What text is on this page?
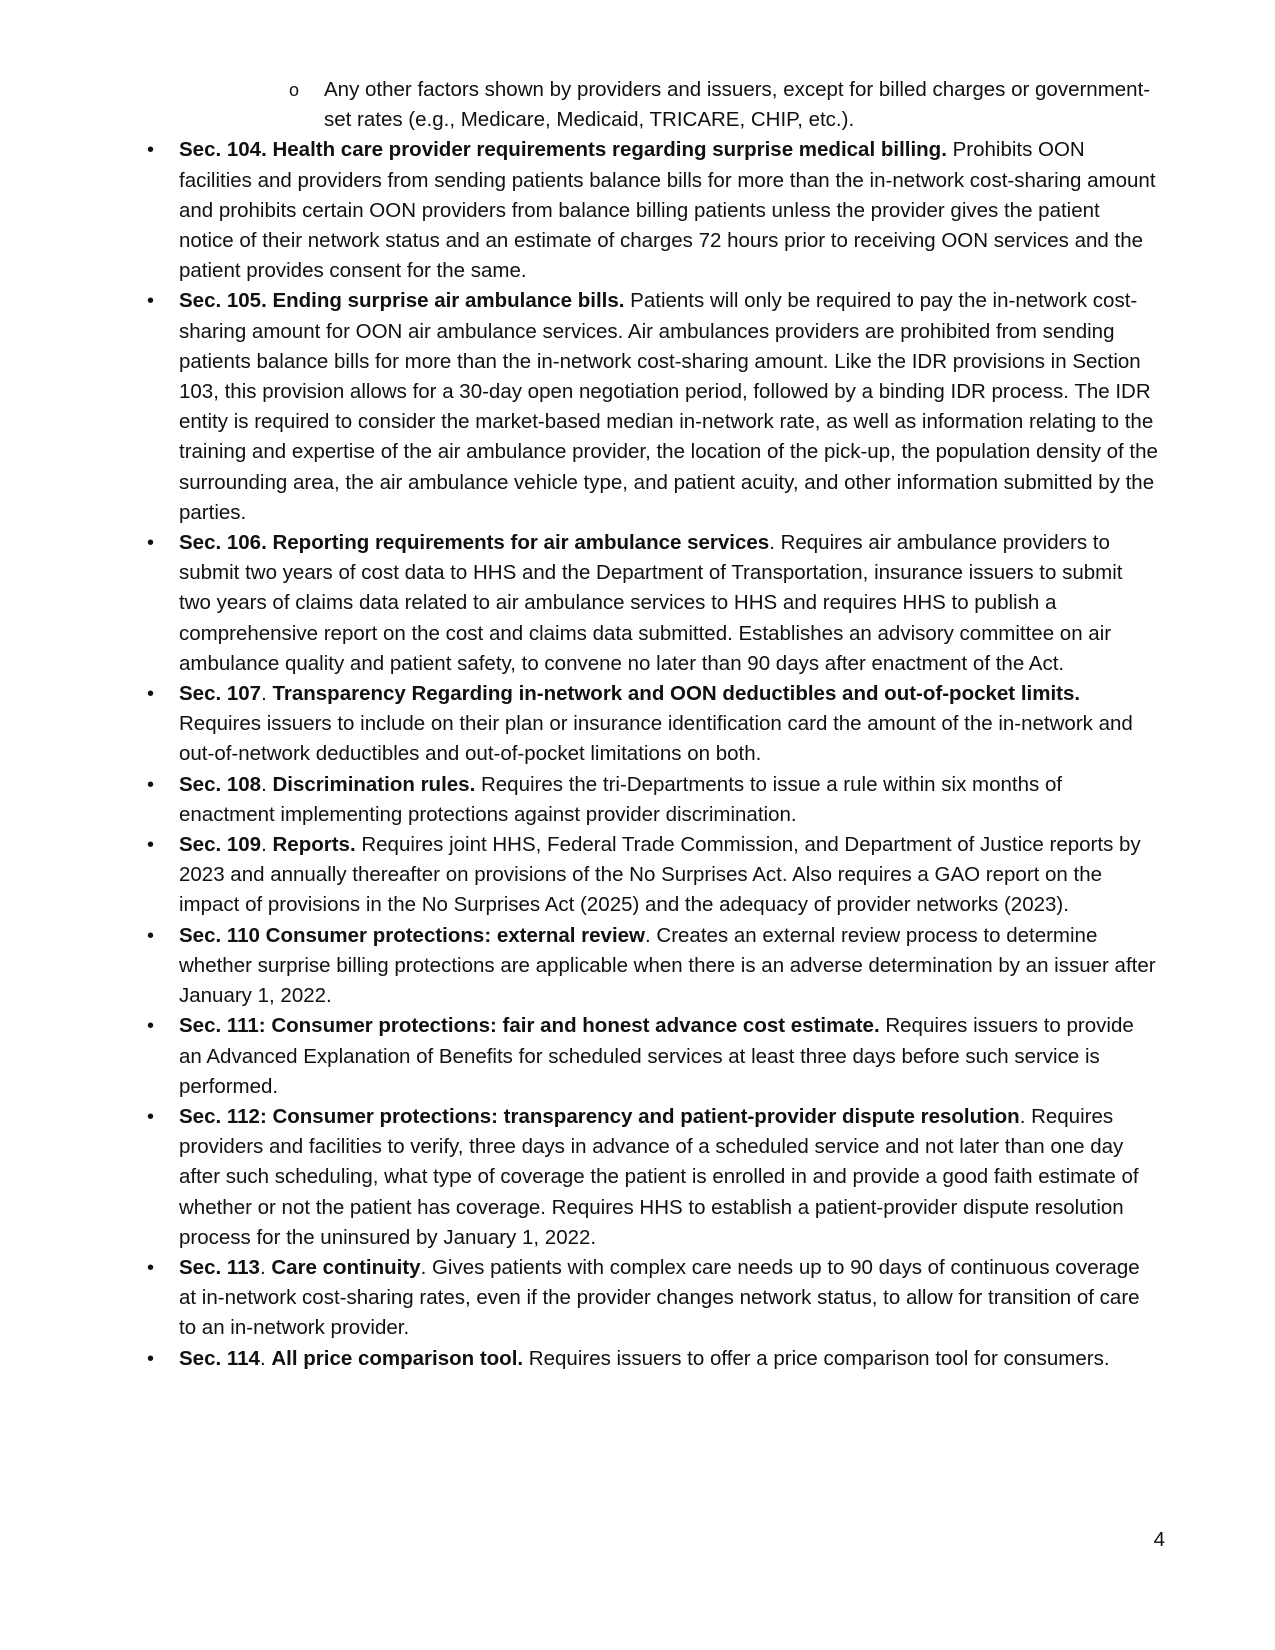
o Any other factors shown by providers and issuers, except for billed charges or government-set rates (e.g., Medicare, Medicaid, TRICARE, CHIP, etc.).
• Sec. 104. Health care provider requirements regarding surprise medical billing. Prohibits OON facilities and providers from sending patients balance bills for more than the in-network cost-sharing amount and prohibits certain OON providers from balance billing patients unless the provider gives the patient notice of their network status and an estimate of charges 72 hours prior to receiving OON services and the patient provides consent for the same.
• Sec. 105. Ending surprise air ambulance bills. Patients will only be required to pay the in-network cost-sharing amount for OON air ambulance services. Air ambulances providers are prohibited from sending patients balance bills for more than the in-network cost-sharing amount. Like the IDR provisions in Section 103, this provision allows for a 30-day open negotiation period, followed by a binding IDR process. The IDR entity is required to consider the market-based median in-network rate, as well as information relating to the training and expertise of the air ambulance provider, the location of the pick-up, the population density of the surrounding area, the air ambulance vehicle type, and patient acuity, and other information submitted by the parties.
• Sec. 106. Reporting requirements for air ambulance services. Requires air ambulance providers to submit two years of cost data to HHS and the Department of Transportation, insurance issuers to submit two years of claims data related to air ambulance services to HHS and requires HHS to publish a comprehensive report on the cost and claims data submitted. Establishes an advisory committee on air ambulance quality and patient safety, to convene no later than 90 days after enactment of the Act.
• Sec. 107. Transparency Regarding in-network and OON deductibles and out-of-pocket limits. Requires issuers to include on their plan or insurance identification card the amount of the in-network and out-of-network deductibles and out-of-pocket limitations on both.
• Sec. 108. Discrimination rules. Requires the tri-Departments to issue a rule within six months of enactment implementing protections against provider discrimination.
• Sec. 109. Reports. Requires joint HHS, Federal Trade Commission, and Department of Justice reports by 2023 and annually thereafter on provisions of the No Surprises Act. Also requires a GAO report on the impact of provisions in the No Surprises Act (2025) and the adequacy of provider networks (2023).
• Sec. 110 Consumer protections: external review. Creates an external review process to determine whether surprise billing protections are applicable when there is an adverse determination by an issuer after January 1, 2022.
• Sec. 111: Consumer protections: fair and honest advance cost estimate. Requires issuers to provide an Advanced Explanation of Benefits for scheduled services at least three days before such service is performed.
• Sec. 112: Consumer protections: transparency and patient-provider dispute resolution. Requires providers and facilities to verify, three days in advance of a scheduled service and not later than one day after such scheduling, what type of coverage the patient is enrolled in and provide a good faith estimate of whether or not the patient has coverage. Requires HHS to establish a patient-provider dispute resolution process for the uninsured by January 1, 2022.
• Sec. 113. Care continuity. Gives patients with complex care needs up to 90 days of continuous coverage at in-network cost-sharing rates, even if the provider changes network status, to allow for transition of care to an in-network provider.
• Sec. 114. All price comparison tool. Requires issuers to offer a price comparison tool for consumers.
4
